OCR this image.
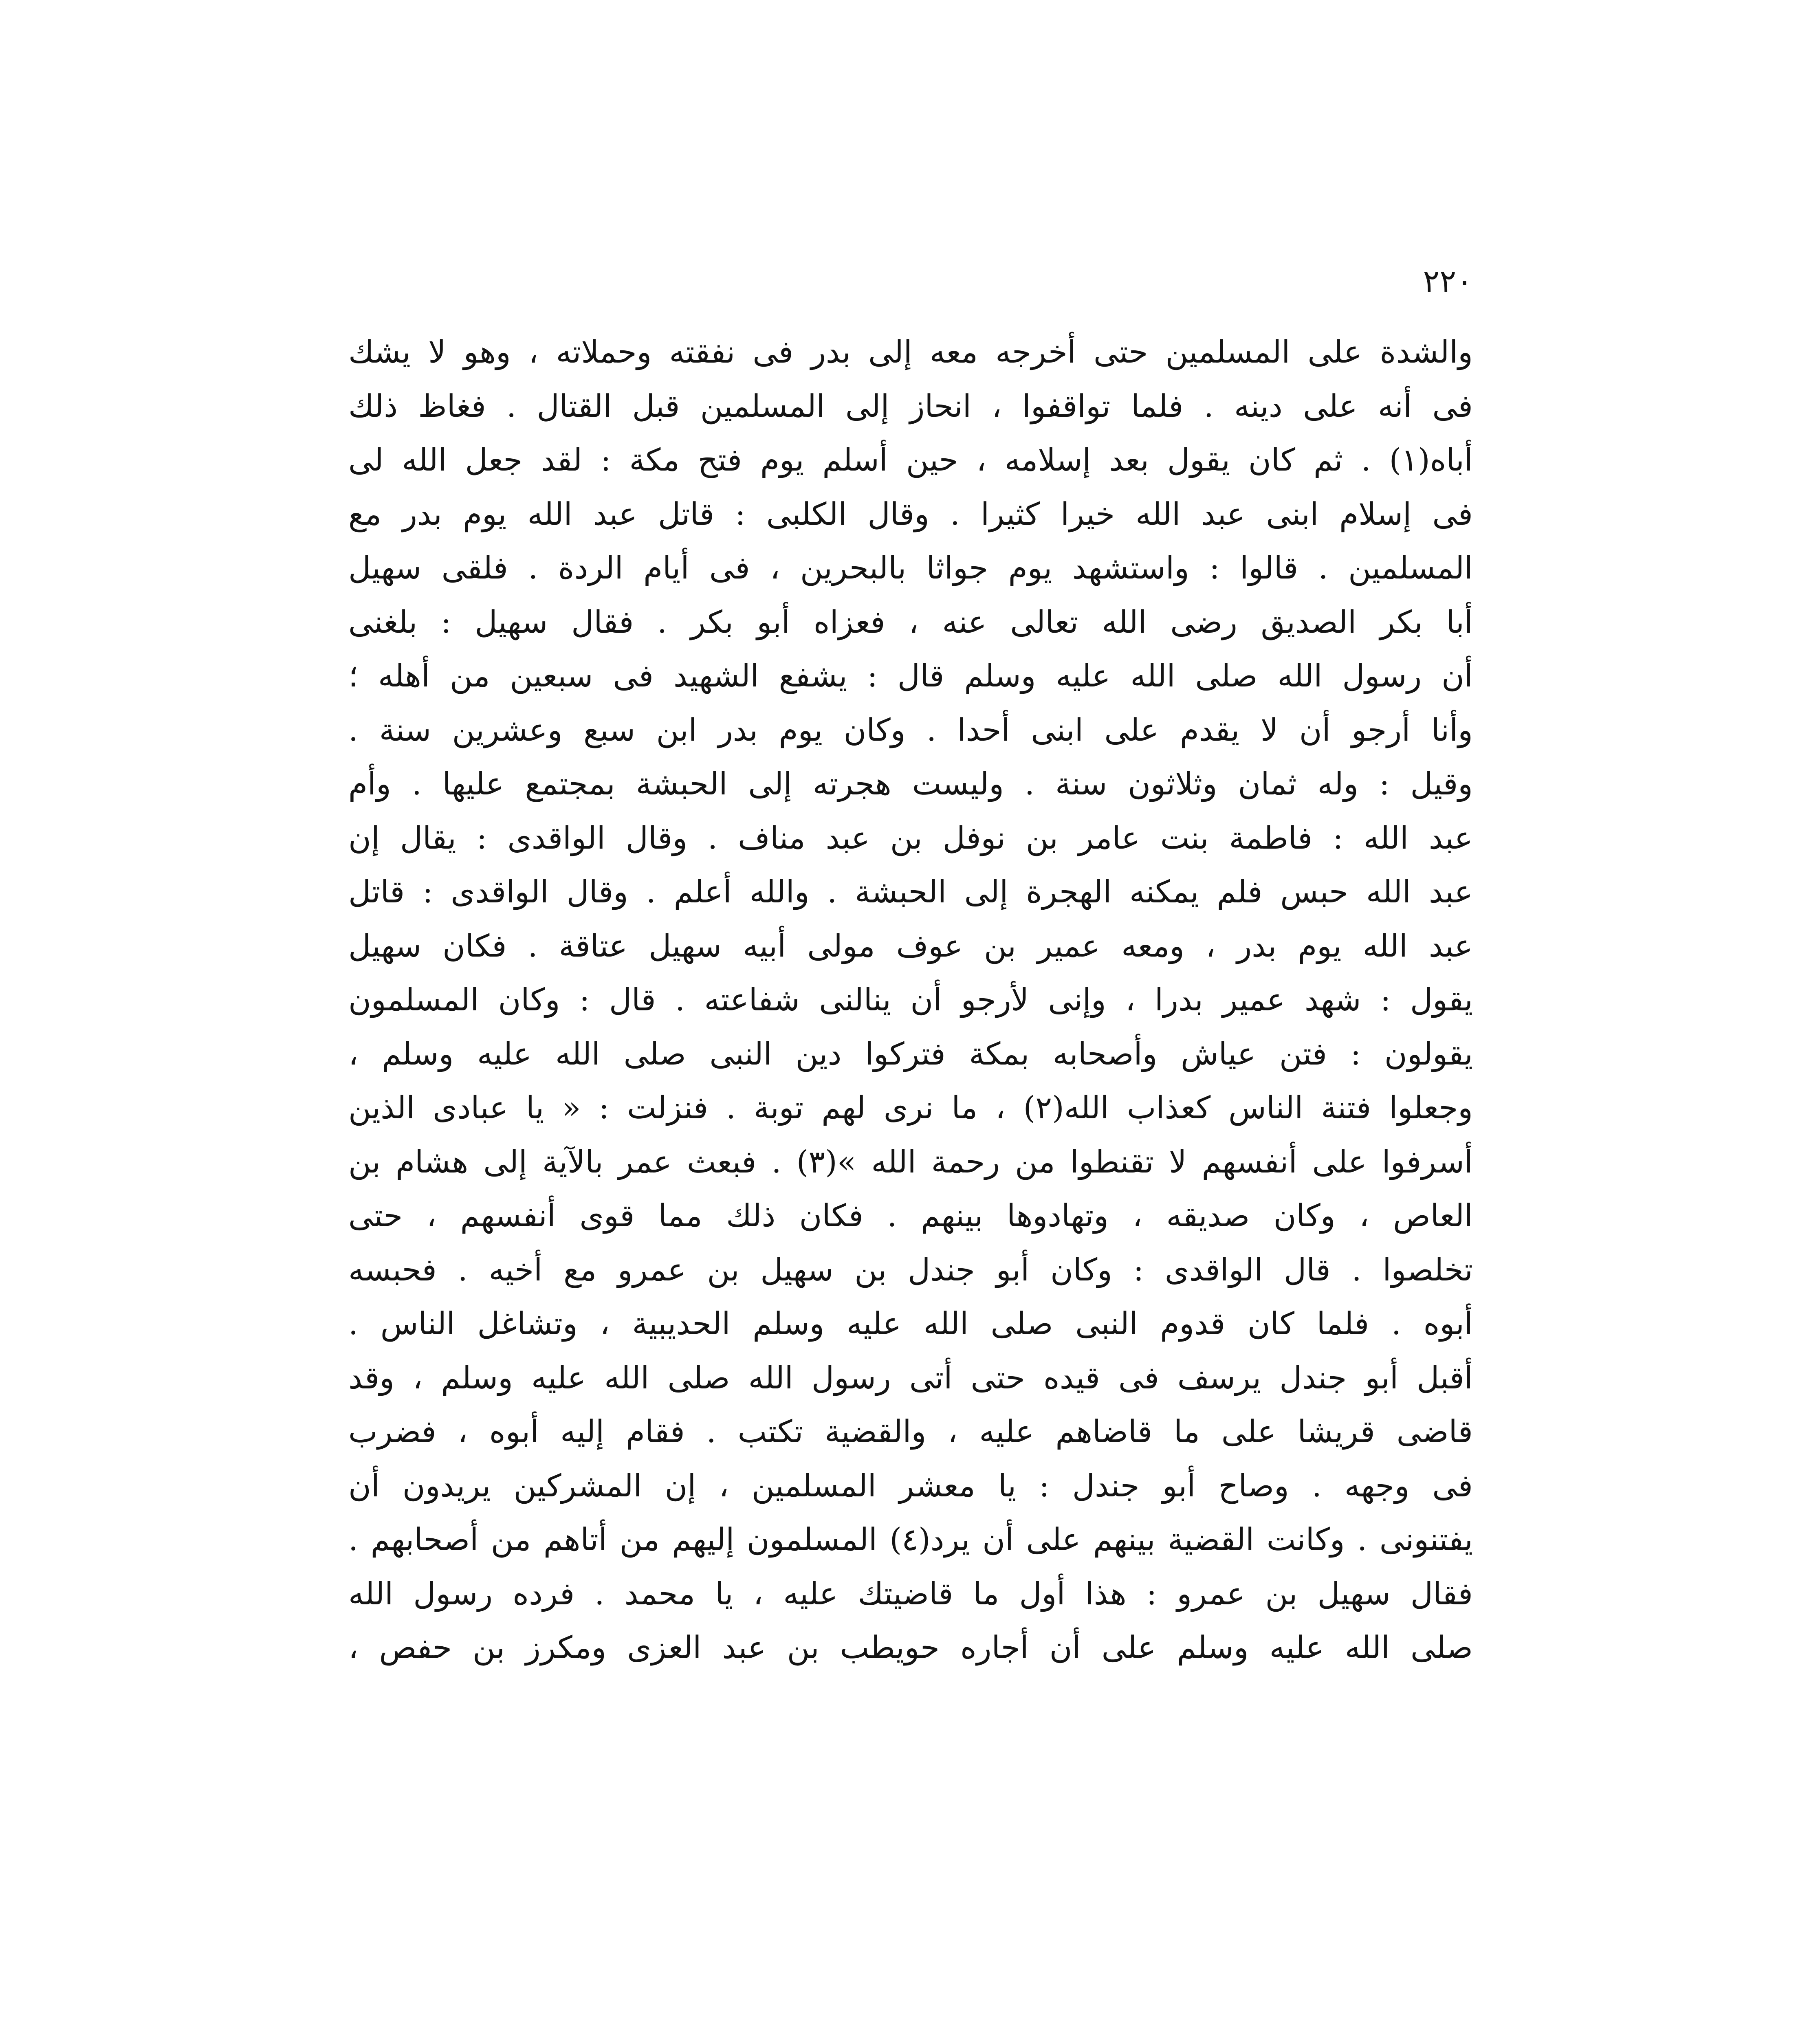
٢٢٠
والشدة على المسلمين حتى أخرجه معه إلى بدر فى نفقته وحملاته ، وهو لا يشك
فى أنه على دينه . فلما تواقفوا ، انحاز إلى المسلمين قبل القتال . فغاظ ذلك
أباه(١) . ثم كان يقول بعد إسلامه ، حين أسلم يوم فتح مكة : لقد جعل الله لى
فى إسلام ابنى عبد الله خيرا كثيرا . وقال الكلبى : قاتل عبد الله يوم بدر مع
المسلمين . قالوا : واستشهد يوم جواثا بالبحرين ، فى أيام الردة . فلقى سهيل
أبا بكر الصديق رضى الله تعالى عنه ، فعزاه أبو بكر . فقال سهيل : بلغنى
أن رسول الله صلى الله عليه وسلم قال : يشفع الشهيد فى سبعين من أهله ؛
وأنا أرجو أن لا يقدم على ابنى أحدا . وكان يوم بدر ابن سبع وعشرين سنة .
وقيل : وله ثمان وثلاثون سنة . وليست هجرته إلى الحبشة بمجتمع عليها . وأم
عبد الله : فاطمة بنت عامر بن نوفل بن عبد مناف . وقال الواقدى : يقال إن
عبد الله حبس فلم يمكنه الهجرة إلى الحبشة . والله أعلم . وقال الواقدى : قاتل
عبد الله يوم بدر ، ومعه عمير بن عوف مولى أبيه سهيل عتاقة . فكان سهيل
يقول : شهد عمير بدرا ، وإنى لأرجو أن ينالنى شفاعته . قال : وكان المسلمون
يقولون : فتن عياش وأصحابه بمكة فتركوا دين النبى صلى الله عليه وسلم ،
وجعلوا فتنة الناس كعذاب الله(٢) ، ما نرى لهم توبة . فنزلت : « يا عبادى الذين
أسرفوا على أنفسهم لا تقنطوا من رحمة الله »(٣) . فبعث عمر بالآية إلى هشام بن
العاص ، وكان صديقه ، وتهادوها بينهم . فكان ذلك مما قوى أنفسهم ، حتى
تخلصوا . قال الواقدى : وكان أبو جندل بن سهيل بن عمرو مع أخيه . فحبسه
أبوه . فلما كان قدوم النبى صلى الله عليه وسلم الحديبية ، وتشاغل الناس .
أقبل أبو جندل يرسف فى قيده حتى أتى رسول الله صلى الله عليه وسلم ، وقد
قاضى قريشا على ما قاضاهم عليه ، والقضية تكتب . فقام إليه أبوه ، فضرب
فى وجهه . وصاح أبو جندل : يا معشر المسلمين ، إن المشركين يريدون أن
يفتنونى . وكانت القضية بينهم على أن يرد(٤) المسلمون إليهم من أتاهم من أصحابهم .
فقال سهيل بن عمرو : هذا أول ما قاضيتك عليه ، يا محمد . فرده رسول الله
صلى الله عليه وسلم على أن أجاره حويطب بن عبد العزى ومكرز بن حفص ،
